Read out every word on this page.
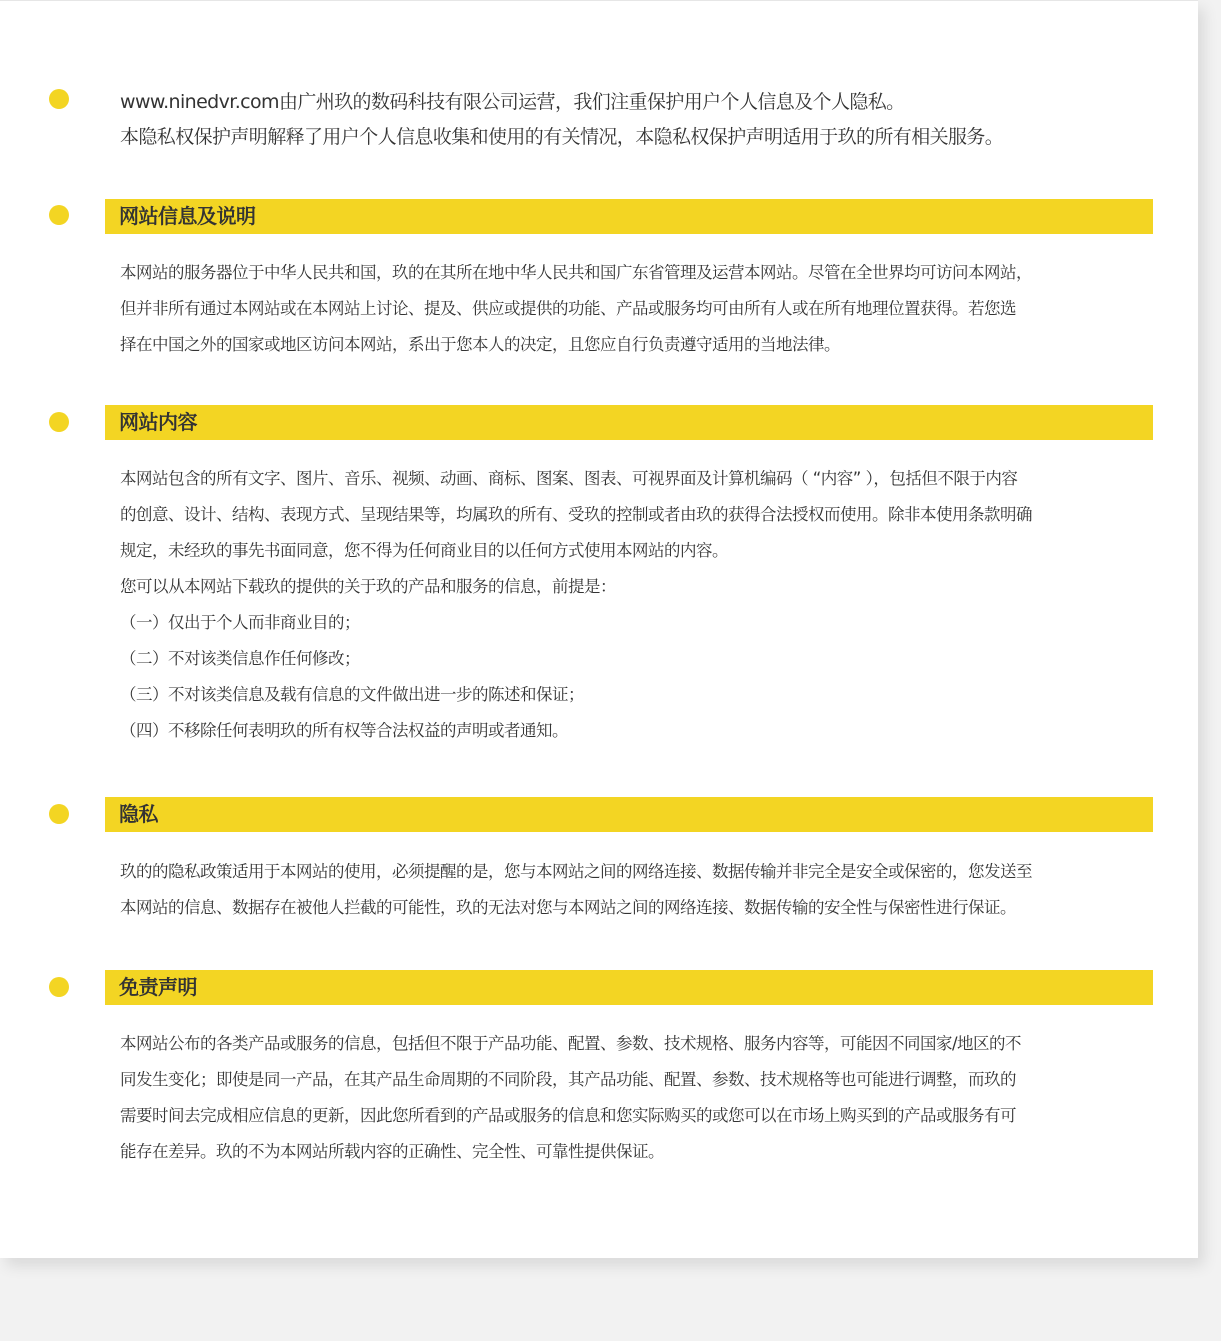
www.ninedvr.com由广州玖的数码科技有限公司运营，我们注重保护用户个人信息及个人隐私。
本隐私权保护声明解释了用户个人信息收集和使用的有关情况，本隐私权保护声明适用于玖的所有相关服务。
网站信息及说明
本网站的服务器位于中华人民共和国，玖的在其所在地中华人民共和国广东省管理及运营本网站。尽管在全世界均可访问本网站，
但并非所有通过本网站或在本网站上讨论、提及、供应或提供的功能、产品或服务均可由所有人或在所有地理位置获得。若您选
择在中国之外的国家或地区访问本网站，系出于您本人的决定，且您应自行负责遵守适用的当地法律。
网站内容
本网站包含的所有文字、图片、音乐、视频、动画、商标、图案、图表、可视界面及计算机编码（ “内容” ），包括但不限于内容
的创意、设计、结构、表现方式、呈现结果等，均属玖的所有、受玖的控制或者由玖的获得合法授权而使用。除非本使用条款明确
规定，未经玖的事先书面同意，您不得为任何商业目的以任何方式使用本网站的内容。
您可以从本网站下载玖的提供的关于玖的产品和服务的信息，前提是：
（一）仅出于个人而非商业目的；
（二）不对该类信息作任何修改；
（三）不对该类信息及载有信息的文件做出进一步的陈述和保证；
（四）不移除任何表明玖的所有权等合法权益的声明或者通知。
隐私
玖的的隐私政策适用于本网站的使用，必须提醒的是，您与本网站之间的网络连接、数据传输并非完全是安全或保密的，您发送至
本网站的信息、数据存在被他人拦截的可能性，玖的无法对您与本网站之间的网络连接、数据传输的安全性与保密性进行保证。
免责声明
本网站公布的各类产品或服务的信息，包括但不限于产品功能、配置、参数、技术规格、服务内容等，可能因不同国家/地区的不
同发生变化；即使是同一产品，在其产品生命周期的不同阶段，其产品功能、配置、参数、技术规格等也可能进行调整，而玖的
需要时间去完成相应信息的更新，因此您所看到的产品或服务的信息和您实际购买的或您可以在市场上购买到的产品或服务有可
能存在差异。玖的不为本网站所载内容的正确性、完全性、可靠性提供保证。
